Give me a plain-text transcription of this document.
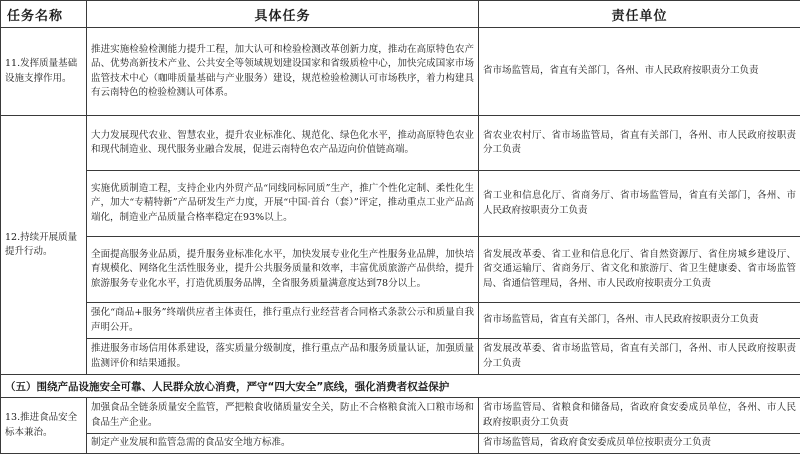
任务名称	具体任务	责任单位
11.发挥质量基础设施支撑作用。	推进实施检验检测能力提升工程，加大认可和检验检测改革创新力度，推动在高原特色农产品、优势高新技术产业、公共安全等领域规划建设国家和省级质检中心，加快完成国家市场监管技术中心（咖啡质量基础与产业服务）建设，规范检验检测认可市场秩序，着力构建具有云南特色的检验检测认可体系。	省市场监管局，省直有关部门，各州、市人民政府按职责分工负责
12.持续开展质量提升行动。	大力发展现代农业、智慧农业，提升农业标准化、规范化、绿色化水平，推动高原特色农业和现代制造业、现代服务业融合发展，促进云南特色农产品迈向价值链高端。	省农业农村厅、省市场监管局，省直有关部门，各州、市人民政府按职责分工负责
	实施优质制造工程，支持企业内外贸产品“同线同标同质”生产，推广个性化定制、柔性化生产，加大“专精特新”产品研发生产力度，开展“中国·首台（套）”评定，推动重点工业产品高端化，制造业产品质量合格率稳定在93%以上。	省工业和信息化厅、省商务厅、省市场监管局，省直有关部门，各州、市人民政府按职责分工负责
	全面提高服务业品质，提升服务业标准化水平，加快发展专业化生产性服务业品牌，加快培育规模化、网络化生活性服务业，提升公共服务质量和效率，丰富优质旅游产品供给，提升旅游服务专业化水平，打造优质服务品牌，全省服务质量满意度达到78分以上。	省发展改革委、省工业和信息化厅、省自然资源厅、省住房城乡建设厅、省交通运输厅、省商务厅、省文化和旅游厅、省卫生健康委、省市场监管局、省通信管理局，各州、市人民政府按职责分工负责
	强化“商品+服务”终端供应者主体责任，推行重点行业经营者合同格式条款公示和质量自我声明公开。	省市场监管局，省直有关部门，各州、市人民政府按职责分工负责
	推进服务市场信用体系建设，落实质量分级制度，推行重点产品和服务质量认证，加强质量监测评价和结果通报。	省发展改革委、省市场监管局，省直有关部门，各州、市人民政府按职责分工负责
（五）围绕产品设施安全可靠、人民群众放心消费，严守“四大安全”底线，强化消费者权益保护		
13.推进食品安全标本兼治。	加强食品全链条质量安全监管，严把粮食收储质量安全关，防止不合格粮食流入口粮市场和食品生产企业。	省市场监管局、省粮食和储备局，省政府食安委成员单位，各州、市人民政府按职责分工负责
	制定产业发展和监管急需的食品安全地方标准。	省市场监管局，省政府食安委成员单位按职责分工负责
